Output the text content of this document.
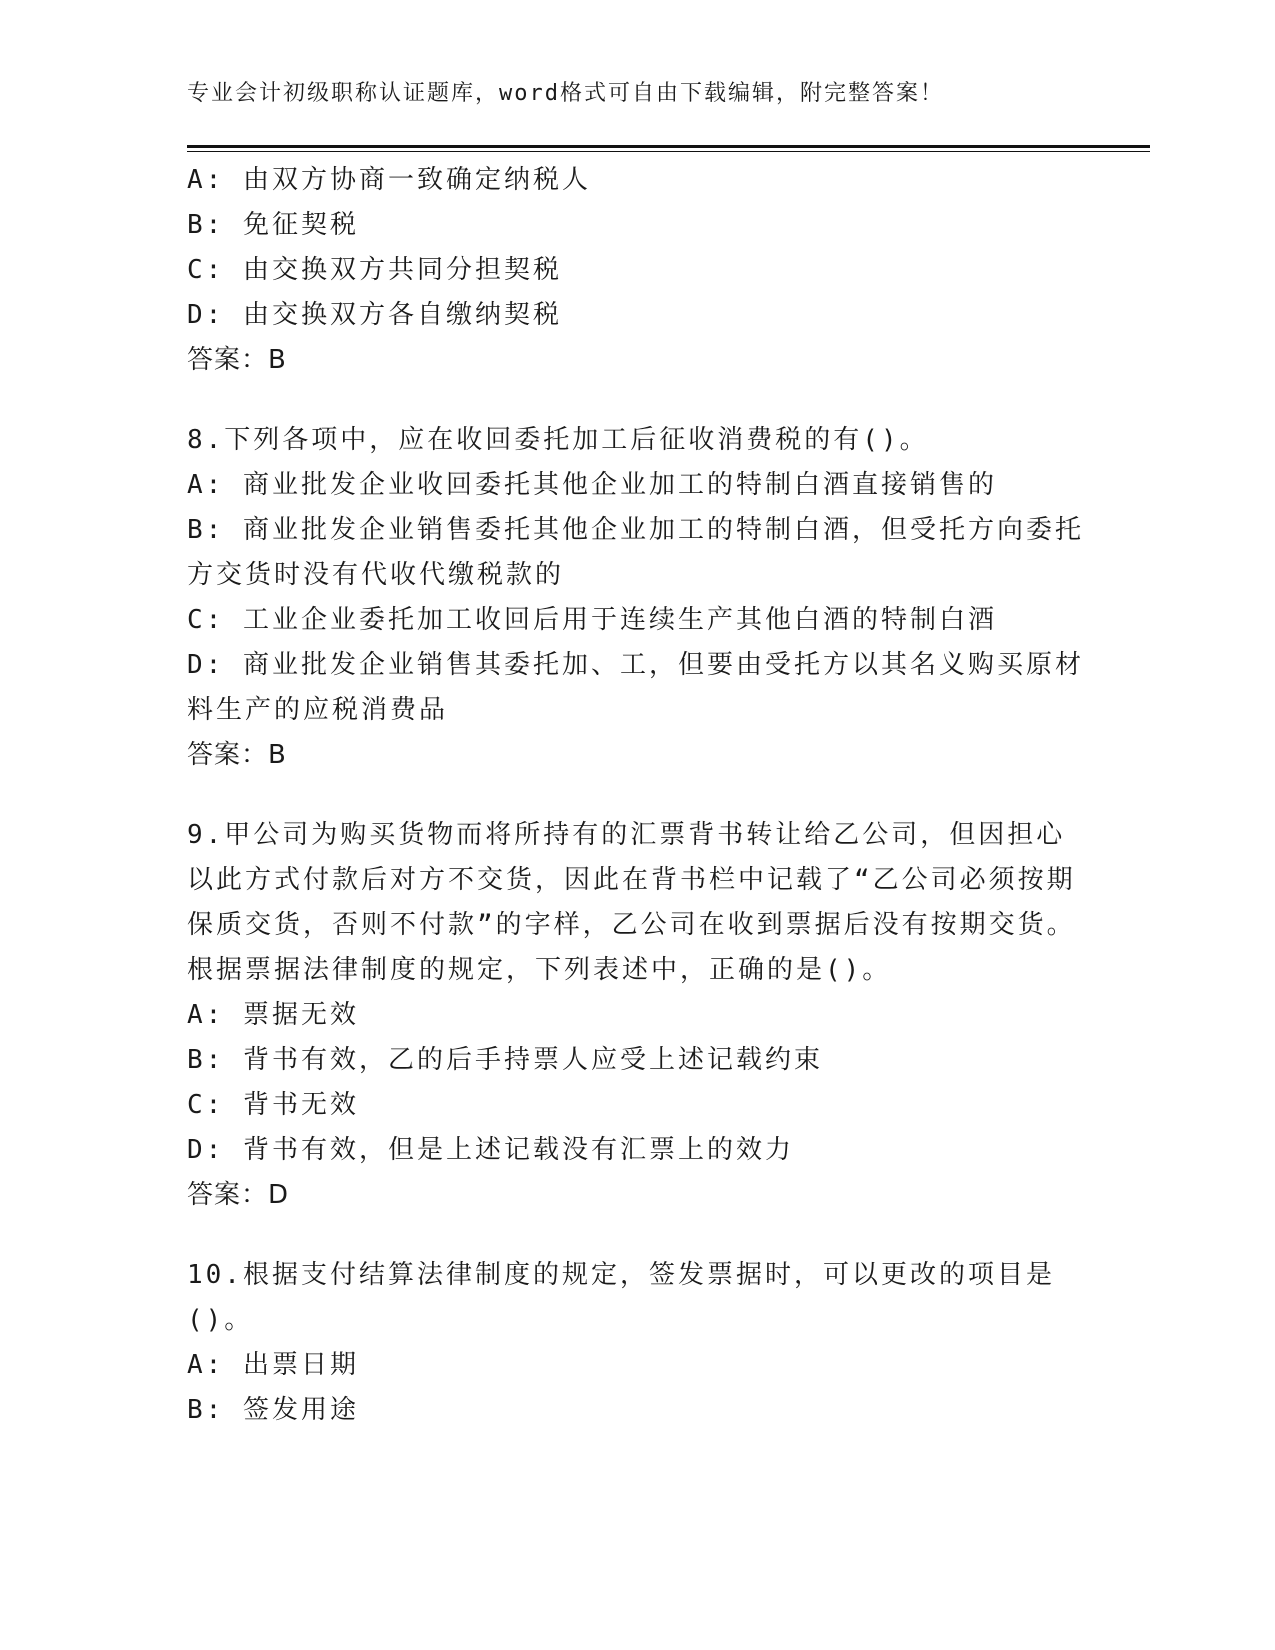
专业会计初级职称认证题库，word格式可自由下载编辑，附完整答案！
A: 由双方协商一致确定纳税人
B: 免征契税
C: 由交换双方共同分担契税
D: 由交换双方各自缴纳契税
答案：B
8.下列各项中，应在收回委托加工后征收消费税的有()。
A: 商业批发企业收回委托其他企业加工的特制白酒直接销售的
B: 商业批发企业销售委托其他企业加工的特制白酒，但受托方向委托方交货时没有代收代缴税款的
C: 工业企业委托加工收回后用于连续生产其他白酒的特制白酒
D: 商业批发企业销售其委托加、工，但要由受托方以其名义购买原材料生产的应税消费品
答案：B
9.甲公司为购买货物而将所持有的汇票背书转让给乙公司，但因担心以此方式付款后对方不交货，因此在背书栏中记载了“乙公司必须按期保质交货，否则不付款”的字样，乙公司在收到票据后没有按期交货。根据票据法律制度的规定，下列表述中，正确的是()。
A: 票据无效
B: 背书有效，乙的后手持票人应受上述记载约束
C: 背书无效
D: 背书有效，但是上述记载没有汇票上的效力
答案：D
10.根据支付结算法律制度的规定，签发票据时，可以更改的项目是()。
A: 出票日期
B: 签发用途
